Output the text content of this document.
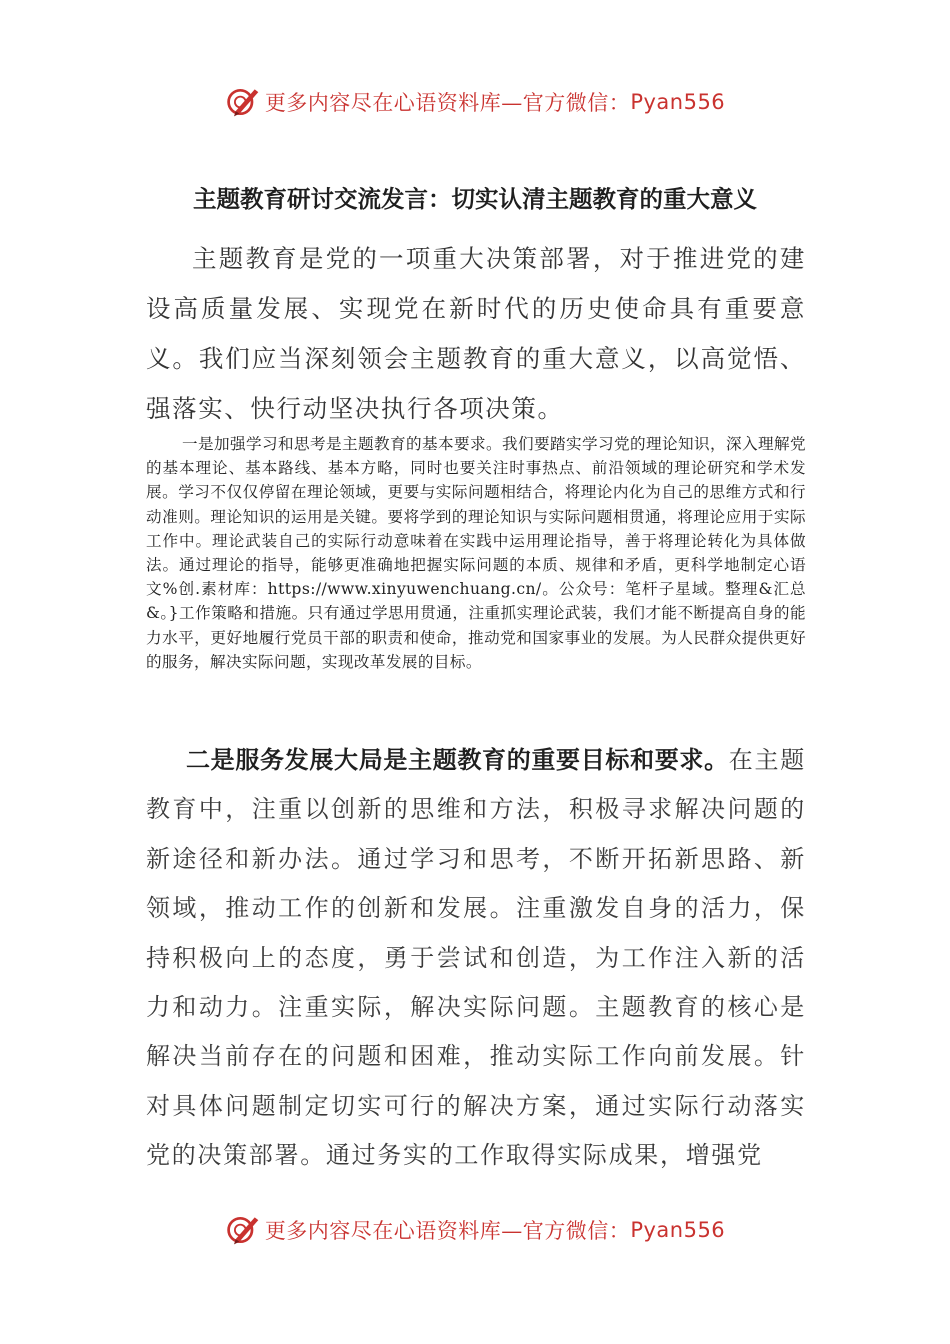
更多内容尽在心语资料库—官方微信： Pyan556
主题教育研讨交流发言：切实认清主题教育的重大意义

主题教育是党的一项重大决策部署，对于推进党的建设高质量发展、实现党在新时代的历史使命具有重要意义。我们应当深刻领会主题教育的重大意义，以高觉悟、强落实、快行动坚决执行各项决策。

一是加强学习和思考是主题教育的基本要求。我们要踏实学习党的理论知识，深入理解党的基本理论、基本路线、基本方略，同时也要关注时事热点、前沿领域的理论研究和学术发展。学习不仅仅停留在理论领域，更要与实际问题相结合，将理论内化为自己的思维方式和行动准则。理论知识的运用是关键。要将学到的理论知识与实际问题相贯通，将理论应用于实际工作中。理论武装自己的实际行动意味着在实践中运用理论指导，善于将理论转化为具体做法。通过理论的指导，能够更准确地把握实际问题的本质、规律和矛盾，更科学地制定心语文%创.素材库：https://www.xinyuwenchuang.cn/。公众号：笔杆子星域。整理&汇总&。}工作策略和措施。只有通过学思用贯通，注重抓实理论武装，我们才能不断提高自身的能力水平，更好地履行党员干部的职责和使命，推动党和国家事业的发展。为人民群众提供更好的服务，解决实际问题，实现改革发展的目标。

二是服务发展大局是主题教育的重要目标和要求。在主题教育中，注重以创新的思维和方法，积极寻求解决问题的新途径和新办法。通过学习和思考，不断开拓新思路、新领域，推动工作的创新和发展。注重激发自身的活力，保持积极向上的态度，勇于尝试和创造，为工作注入新的活力和动力。注重实际，解决实际问题。主题教育的核心是解决当前存在的问题和困难，推动实际工作向前发展。针对具体问题制定切实可行的解决方案，通过实际行动落实党的决策部署。通过务实的工作取得实际成果，增强党

更多内容尽在心语资料库—官方微信： Pyan556
